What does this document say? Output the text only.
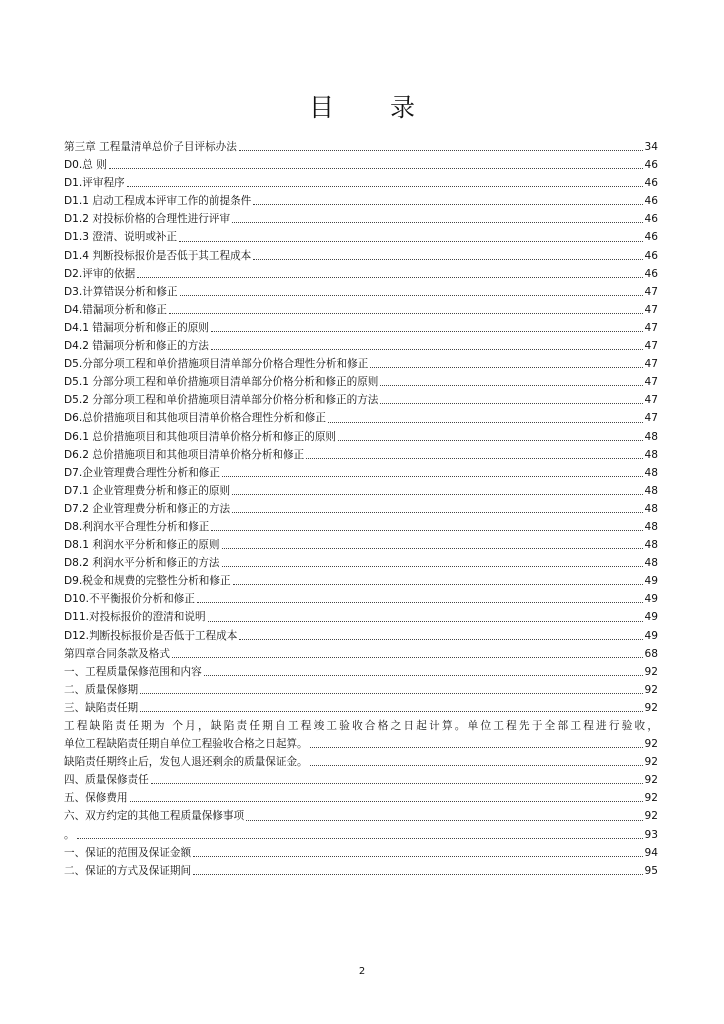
目 录
第三章 工程量清单总价子目评标办法	34
D0.总 则	46
D1.评审程序	46
D1.1 启动工程成本评审工作的前提条件	46
D1.2 对投标价格的合理性进行评审	46
D1.3 澄清、说明或补正	46
D1.4 判断投标报价是否低于其工程成本	46
D2.评审的依据	46
D3.计算错误分析和修正	47
D4.错漏项分析和修正	47
D4.1 错漏项分析和修正的原则	47
D4.2 错漏项分析和修正的方法	47
D5.分部分项工程和单价措施项目清单部分价格合理性分析和修正	47
D5.1 分部分项工程和单价措施项目清单部分价格分析和修正的原则	47
D5.2 分部分项工程和单价措施项目清单部分价格分析和修正的方法	47
D6.总价措施项目和其他项目清单价格合理性分析和修正	47
D6.1 总价措施项目和其他项目清单价格分析和修正的原则	48
D6.2 总价措施项目和其他项目清单价格分析和修正	48
D7.企业管理费合理性分析和修正	48
D7.1 企业管理费分析和修正的原则	48
D7.2 企业管理费分析和修正的方法	48
D8.利润水平合理性分析和修正	48
D8.1 利润水平分析和修正的原则	48
D8.2 利润水平分析和修正的方法	48
D9.税金和规费的完整性分析和修正	49
D10.不平衡报价分析和修正	49
D11.对投标报价的澄清和说明	49
D12.判断投标报价是否低于工程成本	49
第四章合同条款及格式	68
一、工程质量保修范围和内容	92
二、质量保修期	92
三、缺陷责任期	92
工程缺陷责任期为 个月，缺陷责任期自工程竣工验收合格之日起计算。单位工程先于全部工程进行验收，
单位工程缺陷责任期自单位工程验收合格之日起算。	92
缺陷责任期终止后，发包人退还剩余的质量保证金。	92
四、质量保修责任	92
五、保修费用	92
六、双方约定的其他工程质量保修事项	92
。	93
一、保证的范围及保证金额	94
二、保证的方式及保证期间	95
2
